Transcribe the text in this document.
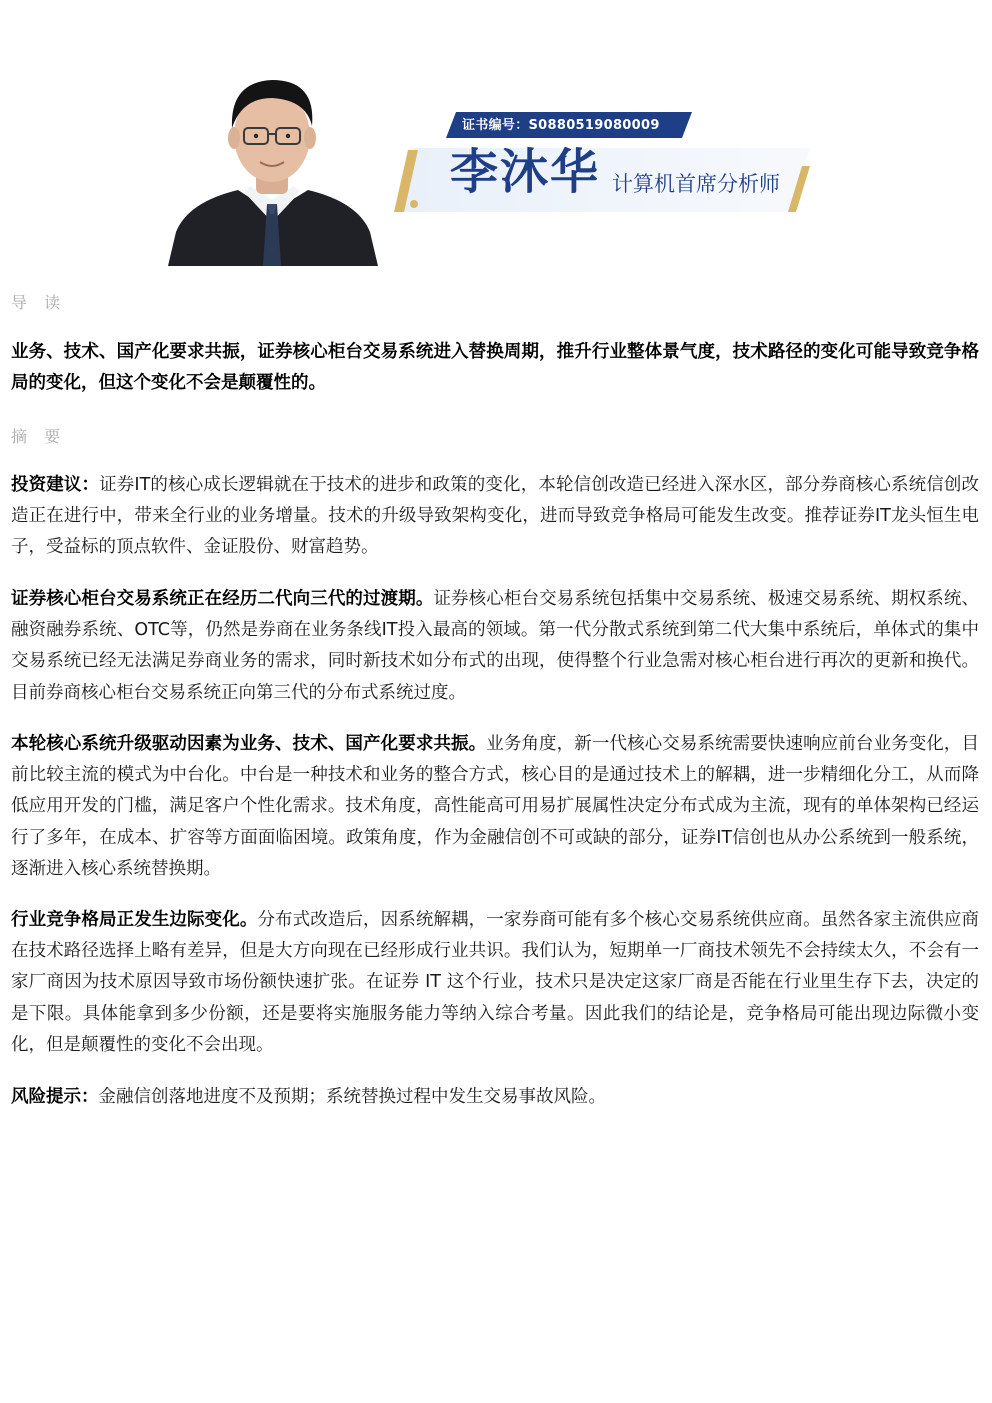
证书编号：S0880519080009
李沐华 计算机首席分析师
导 读

业务、技术、国产化要求共振，证券核心柜台交易系统进入替换周期，推升行业整体景气度，技术路径的变化可能导致竞争格局的变化，但这个变化不会是颠覆性的。

摘 要

投资建议：证券IT的核心成长逻辑就在于技术的进步和政策的变化，本轮信创改造已经进入深水区，部分券商核心系统信创改造正在进行中，带来全行业的业务增量。技术的升级导致架构变化，进而导致竞争格局可能发生改变。推荐证券IT龙头恒生电子，受益标的顶点软件、金证股份、财富趋势。

证券核心柜台交易系统正在经历二代向三代的过渡期。证券核心柜台交易系统包括集中交易系统、极速交易系统、期权系统、融资融券系统、OTC等，仍然是券商在业务条线IT投入最高的领域。第一代分散式系统到第二代大集中系统后，单体式的集中交易系统已经无法满足券商业务的需求，同时新技术如分布式的出现，使得整个行业急需对核心柜台进行再次的更新和换代。目前券商核心柜台交易系统正向第三代的分布式系统过度。

本轮核心系统升级驱动因素为业务、技术、国产化要求共振。业务角度，新一代核心交易系统需要快速响应前台业务变化，目前比较主流的模式为中台化。中台是一种技术和业务的整合方式，核心目的是通过技术上的解耦，进一步精细化分工，从而降低应用开发的门槛，满足客户个性化需求。技术角度，高性能高可用易扩展属性决定分布式成为主流，现有的单体架构已经运行了多年，在成本、扩容等方面面临困境。政策角度，作为金融信创不可或缺的部分，证券IT信创也从办公系统到一般系统，逐渐进入核心系统替换期。

行业竞争格局正发生边际变化。分布式改造后，因系统解耦，一家券商可能有多个核心交易系统供应商。虽然各家主流供应商在技术路径选择上略有差异，但是大方向现在已经形成行业共识。我们认为，短期单一厂商技术领先不会持续太久，不会有一家厂商因为技术原因导致市场份额快速扩张。在证券 IT 这个行业，技术只是决定这家厂商是否能在行业里生存下去，决定的是下限。具体能拿到多少份额，还是要将实施服务能力等纳入综合考量。因此我们的结论是，竞争格局可能出现边际微小变化，但是颠覆性的变化不会出现。

风险提示：金融信创落地进度不及预期；系统替换过程中发生交易事故风险。
